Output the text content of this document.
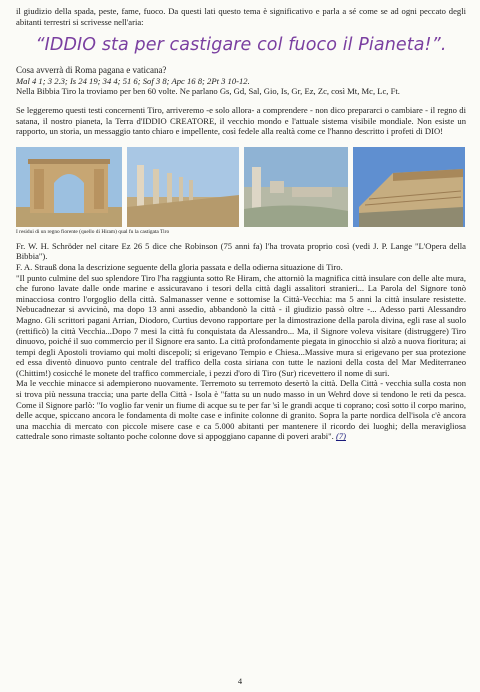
il giudizio della spada, peste, fame, fuoco. Da questi lati questo tema è significativo e parla a sé come se ad ogni peccato degli abitanti terrestri si scrivesse nell'aria:

“IDDIO sta per castigare col fuoco il Pianeta!”.

Cosa avverrà di Roma pagana e vaticana?

Mal 4 1; 3 2.3; Is 24 19; 34 4; 51 6; Sof 3 8; Apc 16 8; 2Pt 3 10-12.

Nella Bibbia Tiro la troviamo per ben 60 volte. Ne parlano Gs, Gd, Sal, Gio, Is, Gr, Ez, Zc, così Mt, Mc, Lc, Ft.

Se leggeremo questi testi concernenti Tiro, arriveremo -e solo allora- a comprendere - non dico prepararci o cambiare - il regno di satana, il nostro pianeta, la Terra d'IDDIO CREATORE, il vecchio mondo e l'attuale sistema visibile mondiale. Non esiste un rapporto, un storia, un messaggio tanto chiaro e impellente, così fedele alla realtà come ce l'hanno descritto i profeti di DIO!

I residui di un regno fiorente (quello di Hiram) qual fu la castigata Tiro

Fr. W. H. Schröder nel citare Ez 26 5 dice che Robinson (75 anni fa) l'ha trovata proprio così (vedi J. P. Lange "L'Opera della Bibbia").

F. A. Strauß dona la descrizione seguente della gloria passata e della odierna situazione di Tiro.

"Il punto culmine del suo splendore Tiro l'ha raggiunta sotto Re Hiram, che attorniò la magnifica città insulare con delle alte mura, che furono lavate dalle onde marine e assicuravano i tesori della città dagli assalitori stranieri... La Parola del Signore tonò minacciosa contro l'orgoglio della città. Salmanasser venne e sottomise la Città-Vecchia: ma 5 anni la città insulare resistette. Nebucadnezar si avvicinò, ma dopo 13 anni assedio, abbandonò la città - il giudizio passò oltre -... Adesso parti Alessandro Magno. Gli scrittori pagani Arrian, Diodoro, Curtius devono rapportare per la dimostrazione della parola divina, egli rase al suolo (rettificò) la città Vecchia...Dopo 7 mesi la città fu conquistata da Alessandro... Ma, il Signore voleva visitare (distruggere) Tiro dinuovo, poiché il suo commercio per il Signore era santo. La città profondamente piegata in ginocchio si alzò a nuova fioritura; ai tempi degli Apostoli troviamo qui molti discepoli; si erigevano Tempio e Chiesa...Massive mura si erigevano per sua protezione ed essa diventò dinuovo punto centrale del traffico della costa siriana con tutte le nazioni della costa del Mar Mediterraneo (Chittim!) cosicché le monete del traffico commerciale, i pezzi d'oro di Tiro (Sur) ricevettero il nome di suri.

Ma le vecchie minacce si adempierono nuovamente. Terremoto su terremoto desertò la città. Della Città - vecchia sulla costa non si trova più nessuna traccia; una parte della Città - Isola è "fatta su un nudo masso in un Wehrd dove si tendono le reti da pesca. Come il Signore parlò: "Io voglio far venir un fiume di acque su te per far 'sì le grandi acque ti coprano; così sotto il corpo marino, delle acque, spiccano ancora le fondamenta di molte case e infinite colonne di granito. Sopra la parte nordica dell'isola c'è ancora una macchia di mercato con piccole misere case e ca 5.000 abitanti per mantenere il ricordo dei luoghi; della meravigliosa cattedrale sono rimaste soltanto poche colonne dove si appoggiano capanne di poveri arabi". (7)

4
